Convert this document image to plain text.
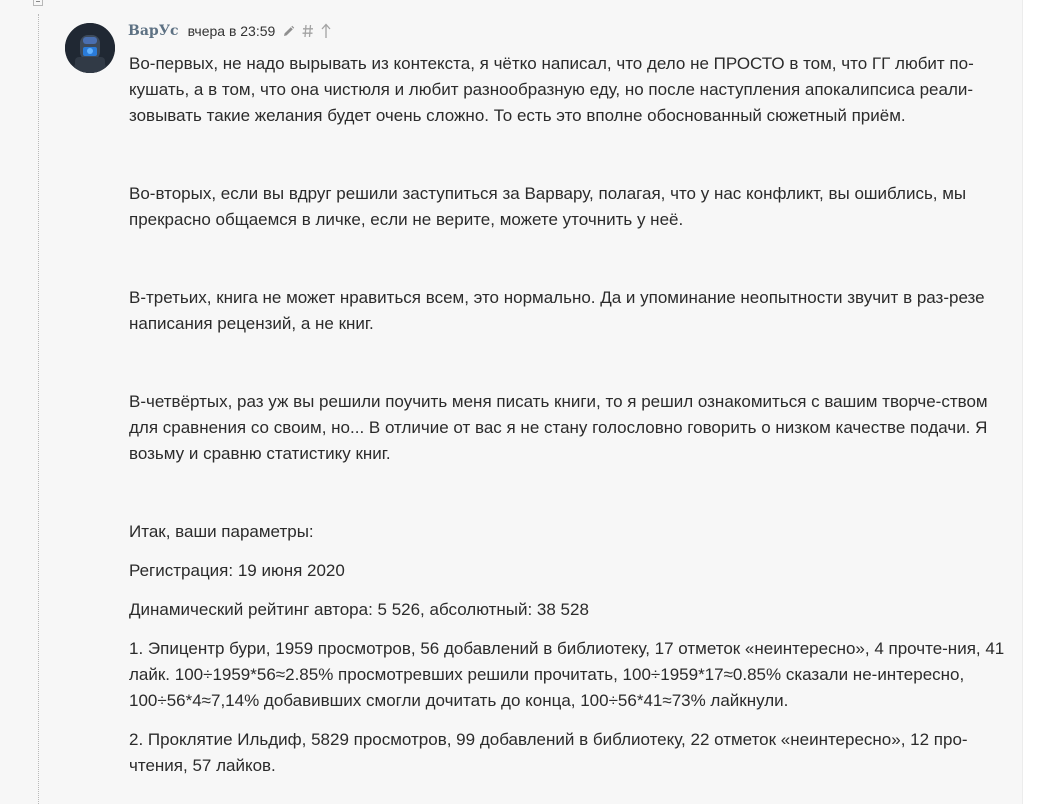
ВарУс вчера в 23:59

Во-первых, не надо вырывать из контекста, я чётко написал, что дело не ПРОСТО в том, что ГГ любит по-кушать, а в том, что она чистюля и любит разнообразную еду, но после наступления апокалипсиса реали-зовывать такие желания будет очень сложно. То есть это вполне обоснованный сюжетный приём.

Во-вторых, если вы вдруг решили заступиться за Варвару, полагая, что у нас конфликт, вы ошиблись, мы прекрасно общаемся в личке, если не верите, можете уточнить у неё.

В-третьих, книга не может нравиться всем, это нормально. Да и упоминание неопытности звучит в раз-резе написания рецензий, а не книг.

В-четвёртых, раз уж вы решили поучить меня писать книги, то я решил ознакомиться с вашим творче-ством для сравнения со своим, но... В отличие от вас я не стану голословно говорить о низком качестве подачи. Я возьму и сравню статистику книг.

Итак, ваши параметры:

Регистрация: 19 июня 2020

Динамический рейтинг автора: 5 526, абсолютный: 38 528

1. Эпицентр бури, 1959 просмотров, 56 добавлений в библиотеку, 17 отметок «неинтересно», 4 прочте-ния, 41 лайк. 100÷1959*56≈2.85% просмотревших решили прочитать, 100÷1959*17≈0.85% сказали не-интересно, 100÷56*4≈7,14% добавивших смогли дочитать до конца, 100÷56*41≈73% лайкнули.

2. Проклятие Ильдиф, 5829 просмотров, 99 добавлений в библиотеку, 22 отметок «неинтересно», 12 про-чтения, 57 лайков.
